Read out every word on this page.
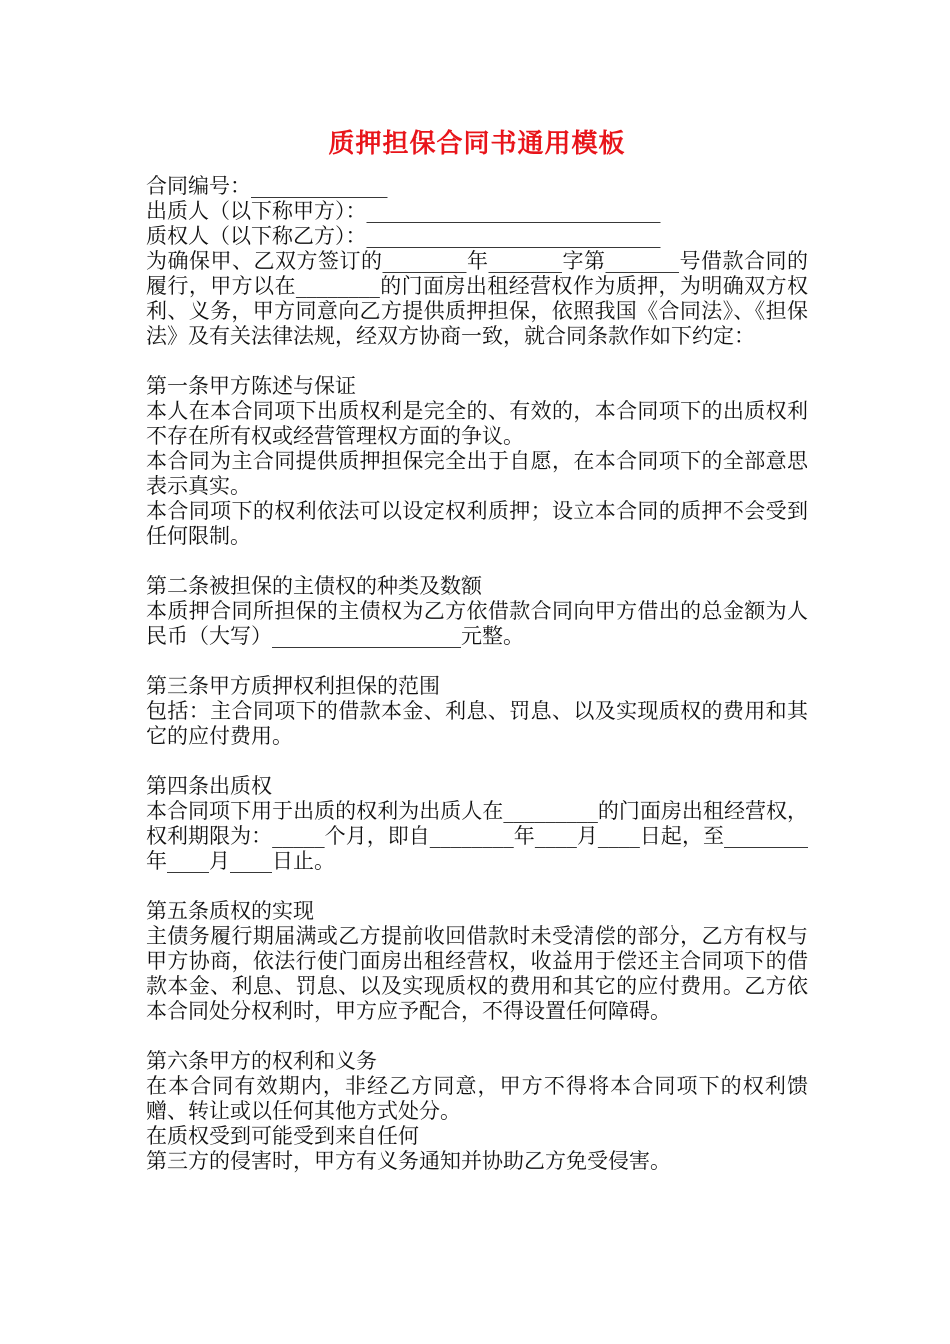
质押担保合同书通用模板

合同编号：_____________

出质人（以下称甲方）：____________________________

质权人（以下称乙方）：____________________________

为确保甲、乙双方签订的________年_______字第_______号借款合同的履行，甲方以在________的门面房出租经营权作为质押，为明确双方权利、义务，甲方同意向乙方提供质押担保，依照我国《合同法》、《担保法》及有关法律法规，经双方协商一致，就合同条款作如下约定：

第一条甲方陈述与保证

本人在本合同项下出质权利是完全的、有效的，本合同项下的出质权利不存在所有权或经营管理权方面的争议。

本合同为主合同提供质押担保完全出于自愿，在本合同项下的全部意思表示真实。

本合同项下的权利依法可以设定权利质押；设立本合同的质押不会受到任何限制。

第二条被担保的主债权的种类及数额

本质押合同所担保的主债权为乙方依借款合同向甲方借出的总金额为人民币（大写）__________________元整。

第三条甲方质押权利担保的范围

包括：主合同项下的借款本金、利息、罚息、以及实现质权的费用和其它的应付费用。

第四条出质权

本合同项下用于出质的权利为出质人在_________的门面房出租经营权，权利期限为：_____个月，即自________年____月____日起，至________年____月____日止。

第五条质权的实现

主债务履行期届满或乙方提前收回借款时未受清偿的部分，乙方有权与甲方协商，依法行使门面房出租经营权，收益用于偿还主合同项下的借款本金、利息、罚息、以及实现质权的费用和其它的应付费用。乙方依本合同处分权利时，甲方应予配合，不得设置任何障碍。

第六条甲方的权利和义务

在本合同有效期内，非经乙方同意，甲方不得将本合同项下的权利馈赠、转让或以任何其他方式处分。

在质权受到可能受到来自任何

第三方的侵害时，甲方有义务通知并协助乙方免受侵害。
